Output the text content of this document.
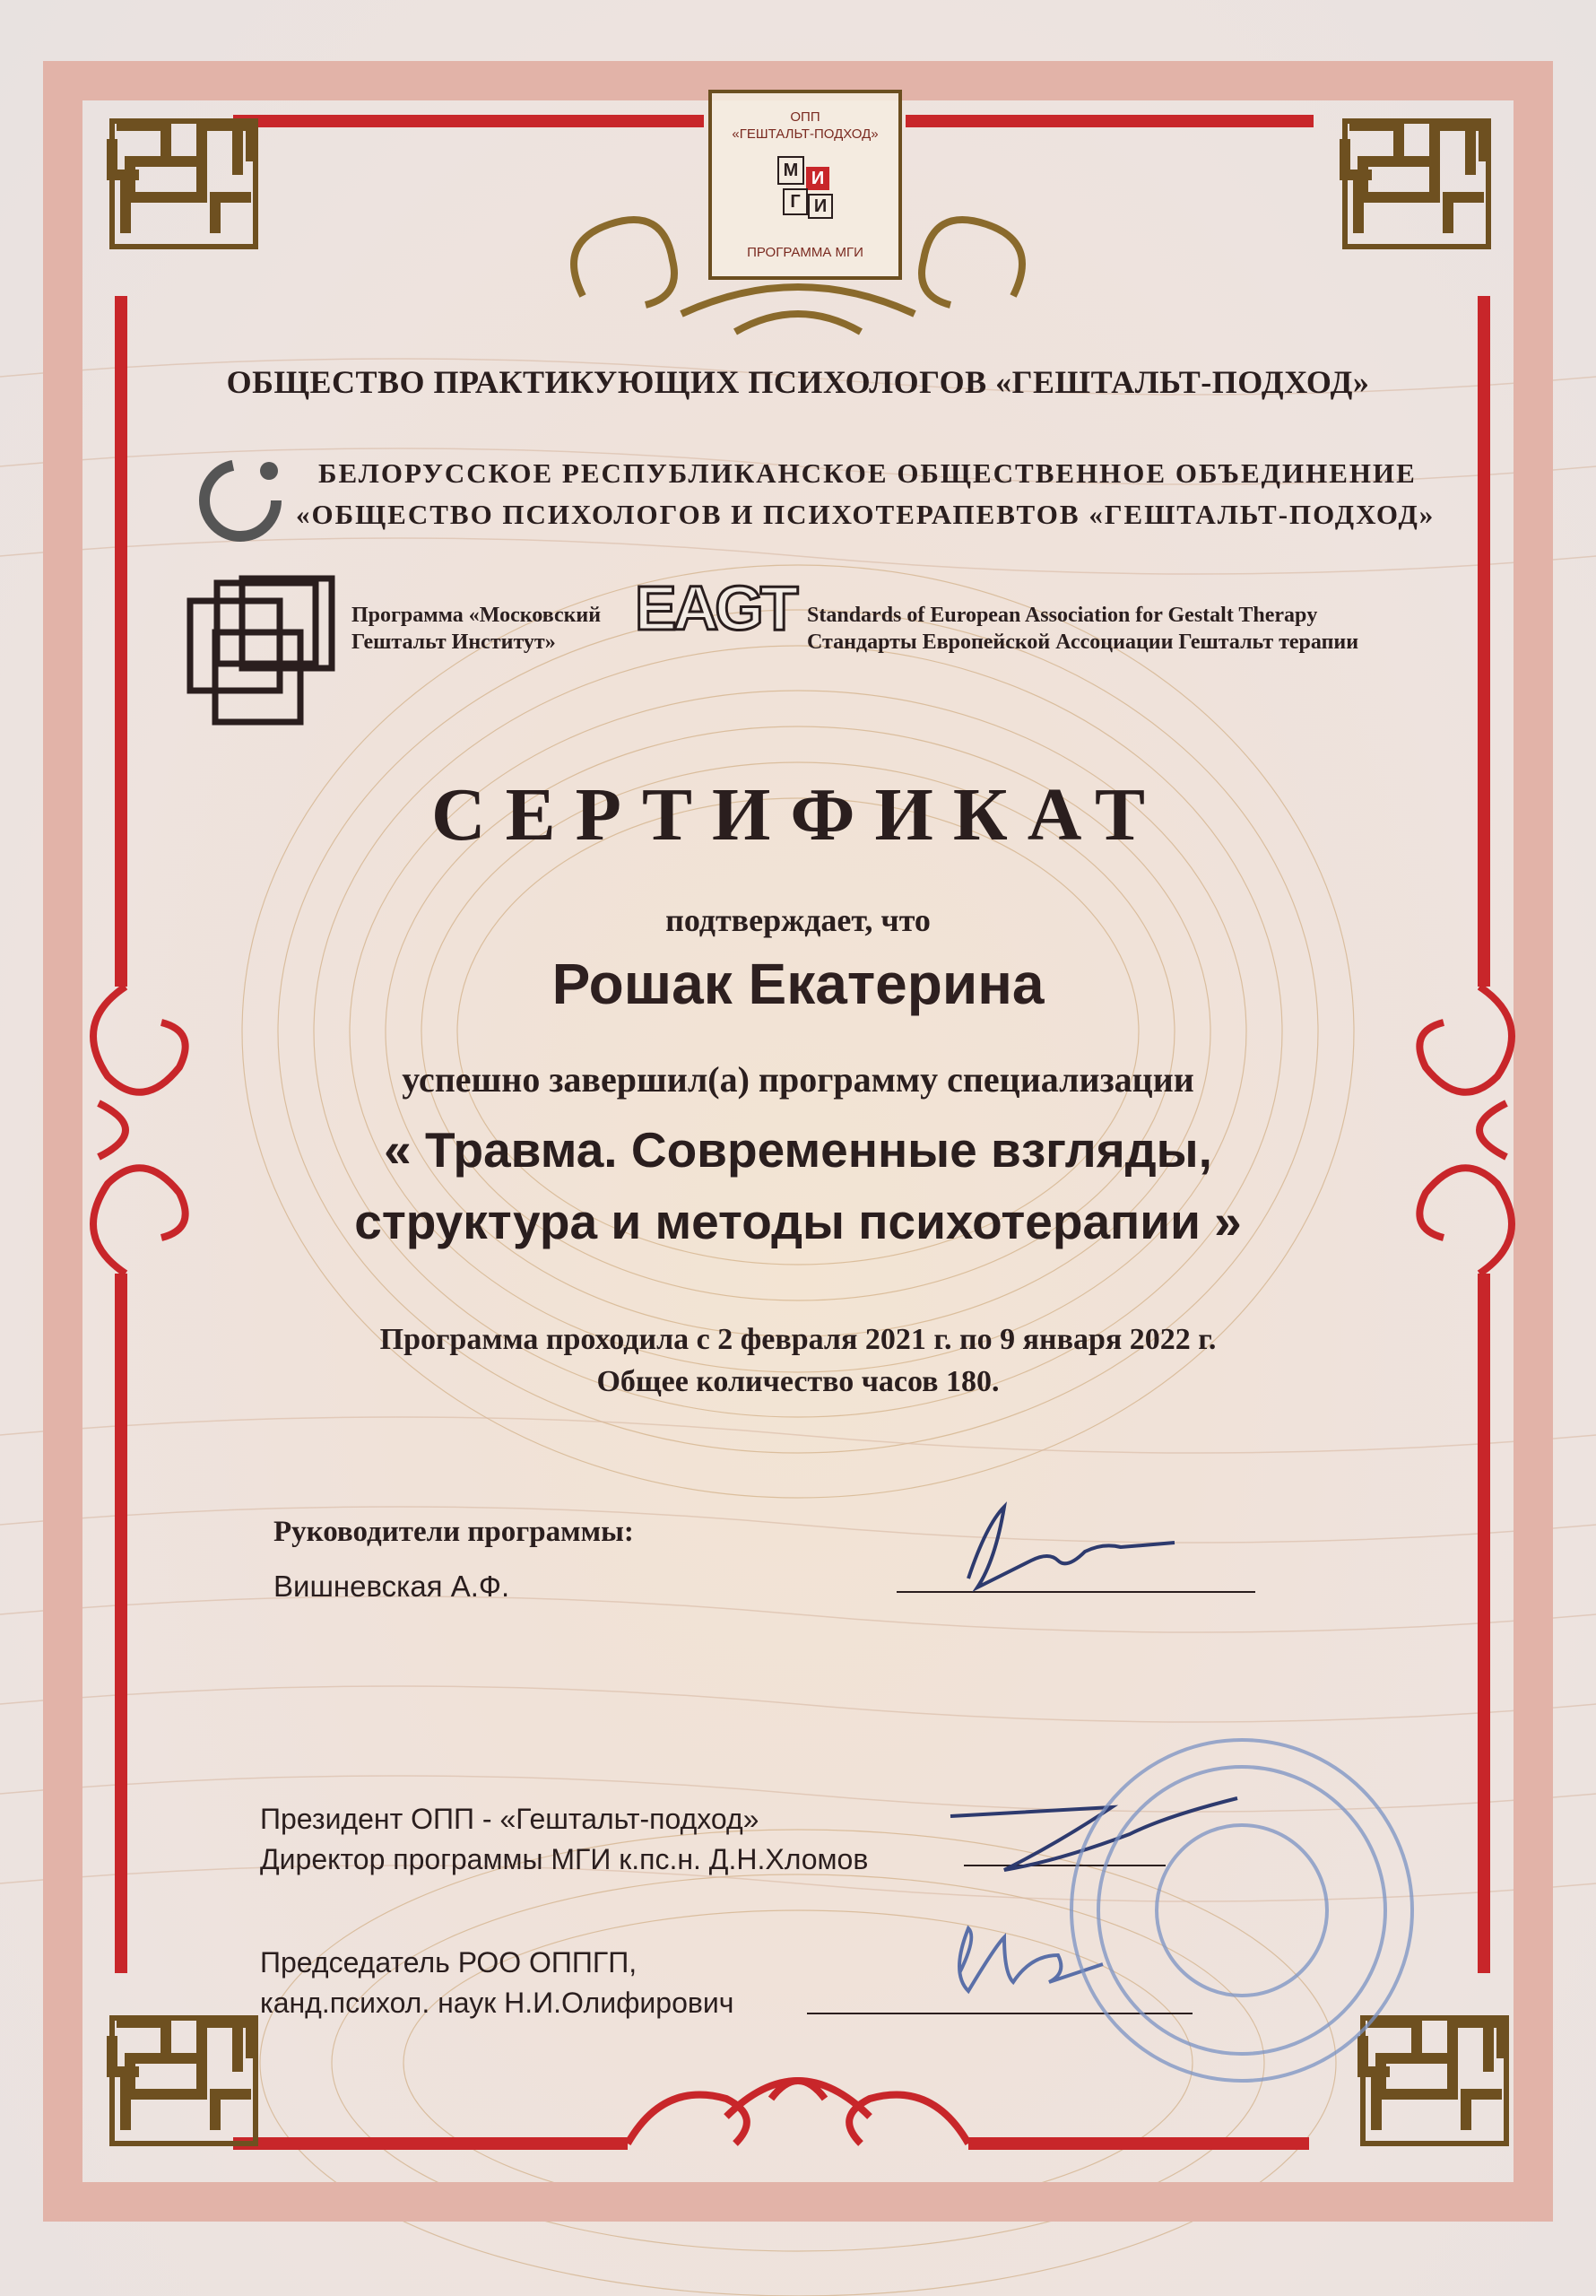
ОПП
«ГЕШТАЛЬТ-ПОДХОД»
М И
Г И
ПРОГРАММА МГИ
ОБЩЕСТВО ПРАКТИКУЮЩИХ ПСИХОЛОГОВ «ГЕШТАЛЬТ-ПОДХОД»
БЕЛОРУССКОЕ РЕСПУБЛИКАНСКОЕ ОБЩЕСТВЕННОЕ ОБЪЕДИНЕНИЕ
«ОБЩЕСТВО ПСИХОЛОГОВ И ПСИХОТЕРАПЕВТОВ «ГЕШТАЛЬТ-ПОДХОД»
Программа «Московский
Гештальт Институт» EAGT Standards of European Association for Gestalt Therapy
Стандарты Европейской Ассоциации Гештальт терапии
СЕРТИФИКАТ
подтверждает, что
Рошак Екатерина
успешно завершил(а) программу специализации
« Травма. Современные взгляды,
структура и методы психотерапии »
Программа проходила с 2 февраля 2021 г. по 9 января 2022 г.
Общее количество часов 180.
Руководители программы:
Вишневская А.Ф.
Президент ОПП - «Гештальт-подход»
Директор программы МГИ к.пс.н. Д.Н.Хломов
Председатель РОО ОППГП,
канд.психол. наук Н.И.Олифирович
